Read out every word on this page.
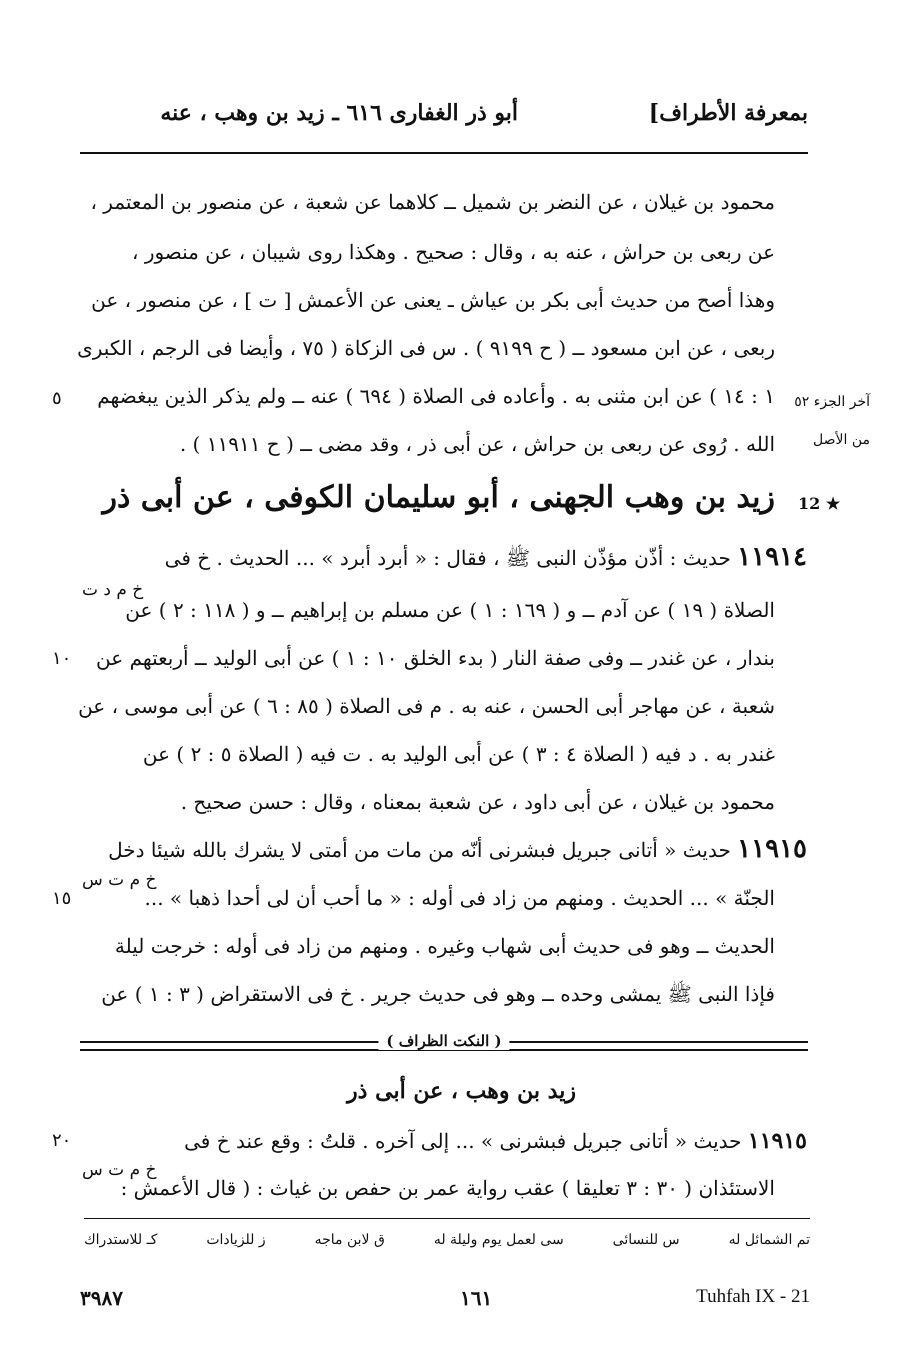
بمعرفة الأطراف]
أبو ذر الغفارى ٦١٦ ـ زيد بن وهب ، عنه
محمود بن غيلان ، عن النضر بن شميل ــ كلاهما عن شعبة ، عن منصور بن المعتمر ،
عن ربعى بن حراش ، عنه به ، وقال : صحيح . وهكذا روى شيبان ، عن منصور ،
وهذا أصح من حديث أبى بكر بن عياش ـ يعنى عن الأعمش [ ت ] ، عن منصور ، عن
ربعى ، عن ابن مسعود ــ ( ح ٩١٩٩ ) . س فى الزكاة ( ٧٥ ، وأيضا فى الرجم ، الكبرى
١ : ١٤ ) عن ابن مثنى به . وأعاده فى الصلاة ( ٦٩٤ ) عنه ــ ولم يذكر الذين يبغضهم
الله . رُوى عن ربعى بن حراش ، عن أبى ذر ، وقد مضى ــ ( ح ١١٩١١ ) .
آخر الجزء ٥٢
من الأصل
٥
12 ★
زيد بن وهب الجهنى ، أبو سليمان الكوفى ، عن أبى ذر
١١٩١٤ حديث : أذّن مؤذّن النبى ﷺ ، فقال : « أبرد أبرد » ... الحديث . خ فى
خ م د ت
الصلاة ( ١٩ ) عن آدم ــ و ( ١٦٩ : ١ ) عن مسلم بن إبراهيم ــ و ( ١١٨ : ٢ ) عن
بندار ، عن غندر ــ وفى صفة النار ( بدء الخلق ١٠ : ١ ) عن أبى الوليد ــ أربعتهم عن
١٠
شعبة ، عن مهاجر أبى الحسن ، عنه به . م فى الصلاة ( ٨٥ : ٦ ) عن أبى موسى ، عن
غندر به . د فيه ( الصلاة ٤ : ٣ ) عن أبى الوليد به . ت فيه ( الصلاة ٥ : ٢ ) عن
محمود بن غيلان ، عن أبى داود ، عن شعبة بمعناه ، وقال : حسن صحيح .
١١٩١٥ حديث « أتانى جبريل فبشرنى أنّه من مات من أمتى لا يشرك بالله شيئا دخل
خ م ت س
الجنّة » ... الحديث . ومنهم من زاد فى أوله : « ما أحب أن لى أحدا ذهبا » ...
١٥
الحديث ــ وهو فى حديث أبى شهاب وغيره . ومنهم من زاد فى أوله : خرجت ليلة
فإذا النبى ﷺ يمشى وحده ــ وهو فى حديث جرير . خ فى الاستقراض ( ٣ : ١ ) عن
( النكت الظراف )
زيد بن وهب ، عن أبى ذر
١١٩١٥ حديث « أتانى جبريل فبشرنى » ... إلى آخره . قلتُ : وقع عند خ فى
٢٠
خ م ت س
الاستئذان ( ٣٠ : ٣ تعليقا ) عقب رواية عمر بن حفص بن غياث : ( قال الأعمش :
تم الشمائل له
س للنسائى
سى لعمل يوم وليلة له
ق لابن ماجه
ز للزيادات
كـ للاستدراك
٣٩٨٧	١٦١	Tuhfah IX - 21
